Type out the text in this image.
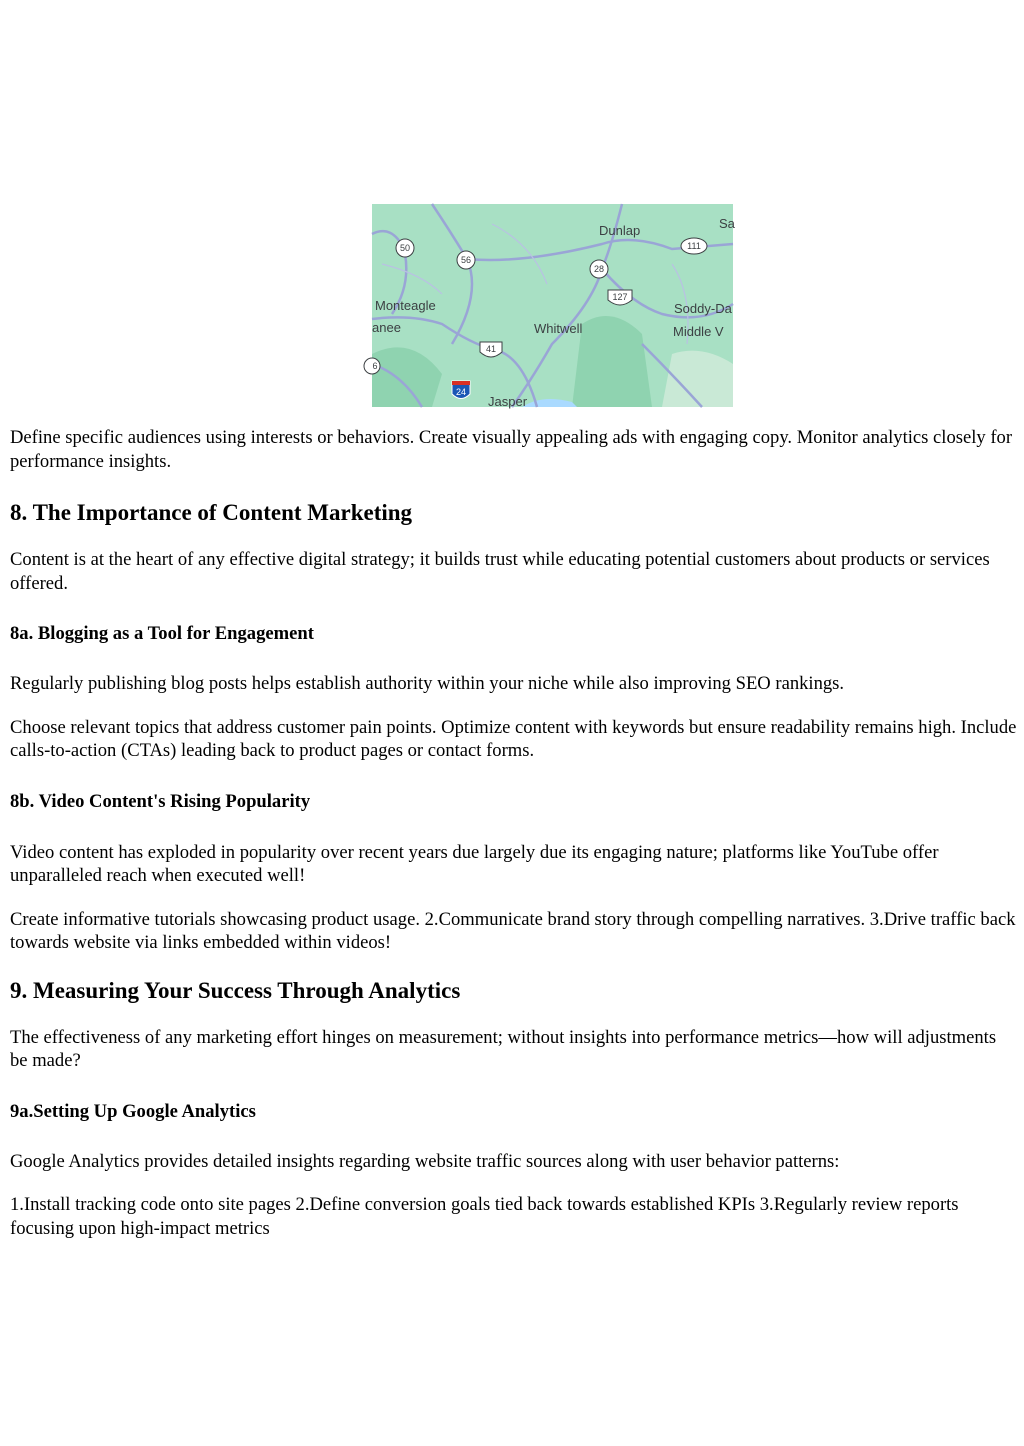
50
56
28
111
127
41
24
6
Dunlap	Sa
Monteagle
anee	Whitwell
Soddy-Da
Middle V
Jasper

Define specific audiences using interests or behaviors. Create visually appealing ads with engaging copy. Monitor analytics closely for performance insights.

8. The Importance of Content Marketing

Content is at the heart of any effective digital strategy; it builds trust while educating potential customers about products or services offered.

8a. Blogging as a Tool for Engagement

Regularly publishing blog posts helps establish authority within your niche while also improving SEO rankings.

Choose relevant topics that address customer pain points. Optimize content with keywords but ensure readability remains high. Include calls-to-action (CTAs) leading back to product pages or contact forms.

8b. Video Content's Rising Popularity

Video content has exploded in popularity over recent years due largely due its engaging nature; platforms like YouTube offer unparalleled reach when executed well!

Create informative tutorials showcasing product usage. 2.Communicate brand story through compelling narratives. 3.Drive traffic back towards website via links embedded within videos!

9. Measuring Your Success Through Analytics

The effectiveness of any marketing effort hinges on measurement; without insights into performance metrics—how will adjustments be made?

9a.Setting Up Google Analytics

Google Analytics provides detailed insights regarding website traffic sources along with user behavior patterns:

1.Install tracking code onto site pages 2.Define conversion goals tied back towards established KPIs 3.Regularly review reports focusing upon high-impact metrics
